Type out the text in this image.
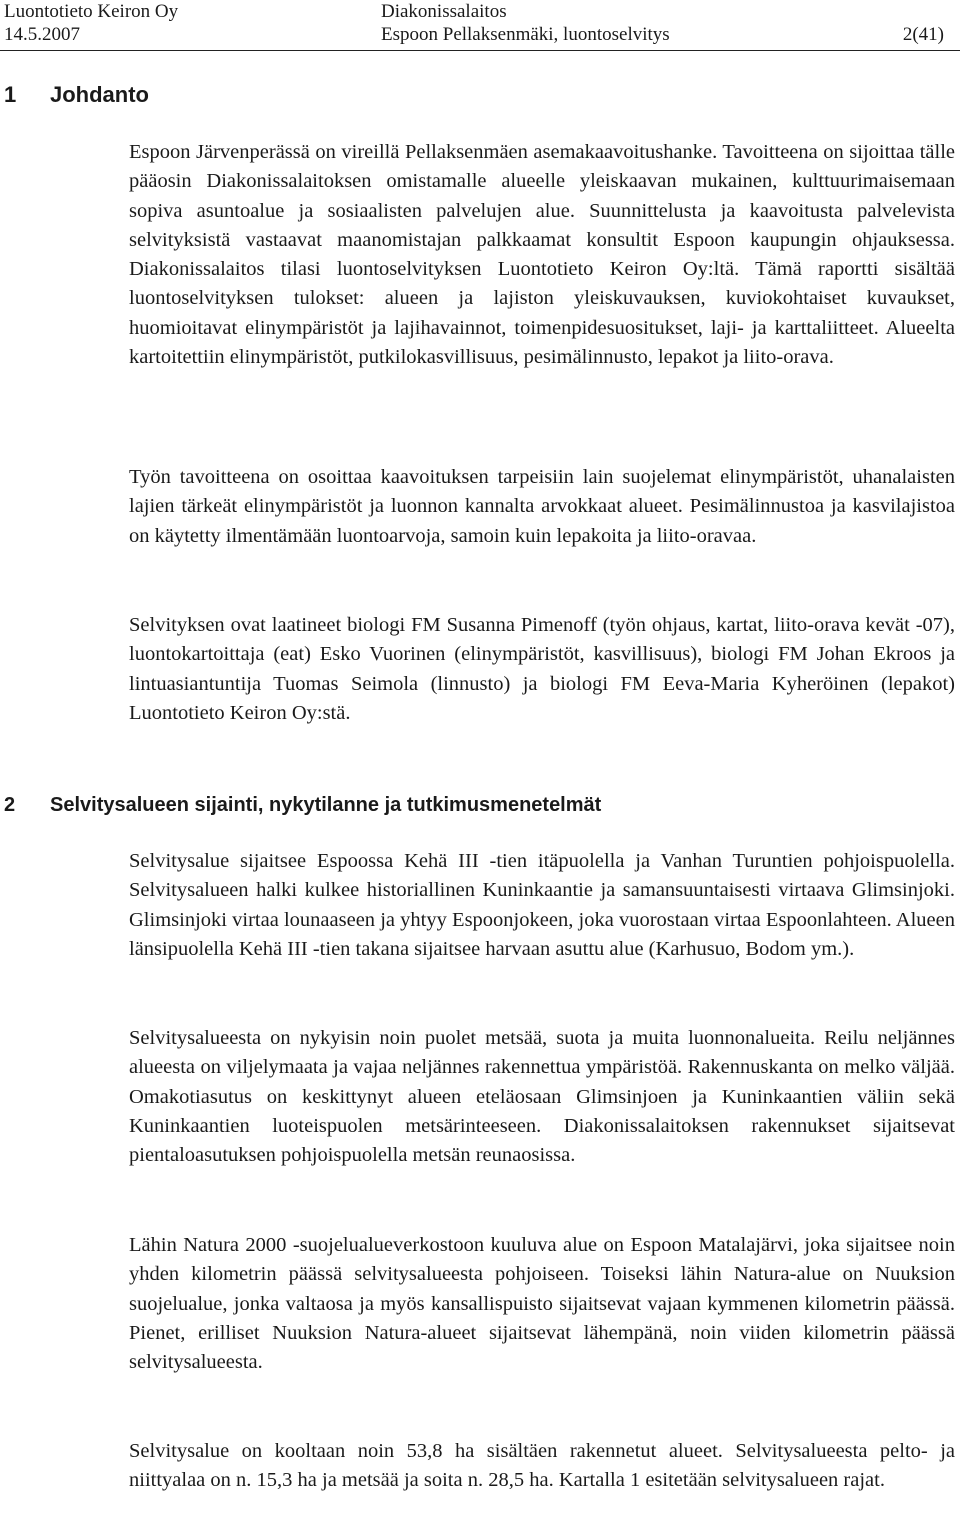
Luontotieto Keiron Oy
14.5.2007
Diakonissalaitos
Espoon Pellaksenmäki, luontoselvitys	2(41)
1 Johdanto

Espoon Järvenperässä on vireillä Pellaksenmäen asemakaavoitushanke. Tavoitteena on sijoittaa tälle pääosin Diakonissalaitoksen omistamalle alueelle yleiskaavan mukainen, kulttuurimaisemaan sopiva asuntoalue ja sosiaalisten palvelujen alue. Suunnittelusta ja kaavoitusta palvelevista selvityksistä vastaavat maanomistajan palkkaamat konsultit Espoon kaupungin ohjauksessa. Diakonissalaitos tilasi luontoselvityksen Luontotieto Keiron Oy:ltä. Tämä raportti sisältää luontoselvityksen tulokset: alueen ja lajiston yleiskuvauksen, kuviokohtaiset kuvaukset, huomioitavat elinympäristöt ja lajihavainnot, toimenpidesuositukset, laji- ja karttaliitteet. Alueelta kartoitettiin elinympäristöt, putkilokasvillisuus, pesimälinnusto, lepakot ja liito-orava.

Työn tavoitteena on osoittaa kaavoituksen tarpeisiin lain suojelemat elinympäristöt, uhanalaisten lajien tärkeät elinympäristöt ja luonnon kannalta arvokkaat alueet. Pesimälinnustoa ja kasvilajistoa on käytetty ilmentämään luontoarvoja, samoin kuin lepakoita ja liito-oravaa.

Selvityksen ovat laatineet biologi FM Susanna Pimenoff (työn ohjaus, kartat, liito-orava kevät -07), luontokartoittaja (eat) Esko Vuorinen (elinympäristöt, kasvillisuus), biologi FM Johan Ekroos ja lintuasiantuntija Tuomas Seimola (linnusto) ja biologi FM Eeva-Maria Kyheröinen (lepakot) Luontotieto Keiron Oy:stä.

2 Selvitysalueen sijainti, nykytilanne ja tutkimusmenetelmät

Selvitysalue sijaitsee Espoossa Kehä III -tien itäpuolella ja Vanhan Turuntien pohjoispuolella. Selvitysalueen halki kulkee historiallinen Kuninkaantie ja samansuuntaisesti virtaava Glimsinjoki. Glimsinjoki virtaa lounaaseen ja yhtyy Espoonjokeen, joka vuorostaan virtaa Espoonlahteen. Alueen länsipuolella Kehä III -tien takana sijaitsee harvaan asuttu alue (Karhusuo, Bodom ym.).

Selvitysalueesta on nykyisin noin puolet metsää, suota ja muita luonnonalueita. Reilu neljännes alueesta on viljelymaata ja vajaa neljännes rakennettua ympäristöä. Rakennuskanta on melko väljää. Omakotiasutus on keskittynyt alueen eteläosaan Glimsinjoen ja Kuninkaantien väliin sekä Kuninkaantien luoteispuolen metsärinteeseen. Diakonissalaitoksen rakennukset sijaitsevat pientaloasutuksen pohjoispuolella metsän reunaosissa.

Lähin Natura 2000 -suojelualueverkostoon kuuluva alue on Espoon Matalajärvi, joka sijaitsee noin yhden kilometrin päässä selvitysalueesta pohjoiseen. Toiseksi lähin Natura-alue on Nuuksion suojelualue, jonka valtaosa ja myös kansallispuisto sijaitsevat vajaan kymmenen kilometrin päässä. Pienet, erilliset Nuuksion Natura-alueet sijaitsevat lähempänä, noin viiden kilometrin päässä selvitysalueesta.

Selvitysalue on kooltaan noin 53,8 ha sisältäen rakennetut alueet. Selvitysalueesta pelto- ja niittyalaa on n. 15,3 ha ja metsää ja soita n. 28,5 ha. Kartalla 1 esitetään selvitysalueen rajat.
